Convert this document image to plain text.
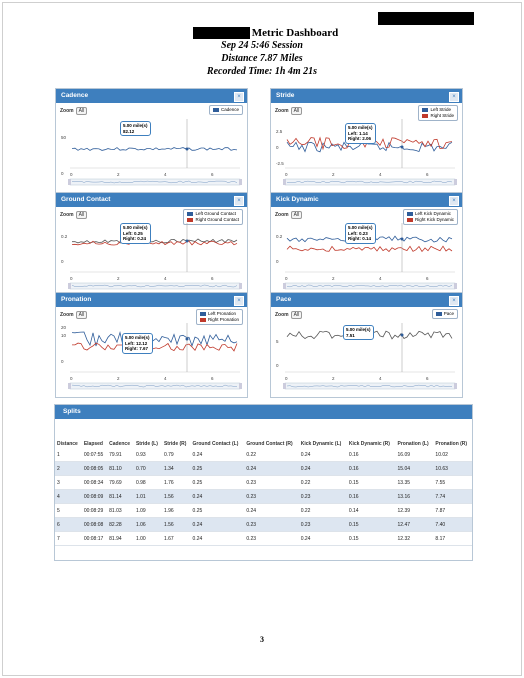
Metric Dashboard
Sep 24 5:46 Session
Distance 7.87 Miles
Recorded Time: 1h 4m 21s
Cadence	×
Zoom All	Cadence
50
0 0	2	4	6
5.00 mile(s)
82.12
Stride	×
Zoom All	Left Stride
Right Stride
2.5
0
-2.5
0	2	4	6
5.00 mile(s)
Left: 1.14
Right: 2.06
Ground Contact	×
Zoom All	Left Ground Contact
Right Ground Contact
0.2
0
0	2	4	6
5.00 mile(s)
Left: 0.25
Right: 0.24
Kick Dynamic	×
Zoom All	Left Kick Dynamic
Right Kick Dynamic
0.2
0
0	2	4	6
5.00 mile(s)
Left: 0.23
Right: 0.14
Pronation	×
Zoom All	Left Pronation
Right Pronation
20
10
0
0	2	4	6
5.00 mile(s)
Left: 12.12
Right: 7.67
Pace	×
Zoom All	Pace
5
0
0	2	4	6
5.00 mile(s)
7.51
Splits
Distance	Elapsed	Cadence	Stride (L)	Stride (R)	Ground Contact (L)	Ground Contact (R)	Kick Dynamic (L)	Kick Dynamic (R)	Pronation (L)	Pronation (R)
1	00:07:55	79.91	0.93	0.79	0.24	0.22	0.24	0.16	16.09	10.02
2	00:08:05	81.10	0.70	1.34	0.25	0.24	0.24	0.16	15.04	10.63
3	00:08:34	79.69	0.98	1.76	0.25	0.23	0.22	0.15	13.35	7.55
4	00:08:09	81.14	1.01	1.56	0.24	0.23	0.23	0.16	13.16	7.74
5	00:08:29	81.03	1.09	1.96	0.25	0.24	0.22	0.14	12.39	7.87
6	00:08:08	82.28	1.06	1.56	0.24	0.23	0.23	0.15	12.47	7.40
7	00:08:17	81.94	1.00	1.67	0.24	0.23	0.24	0.15	12.32	8.17
3
